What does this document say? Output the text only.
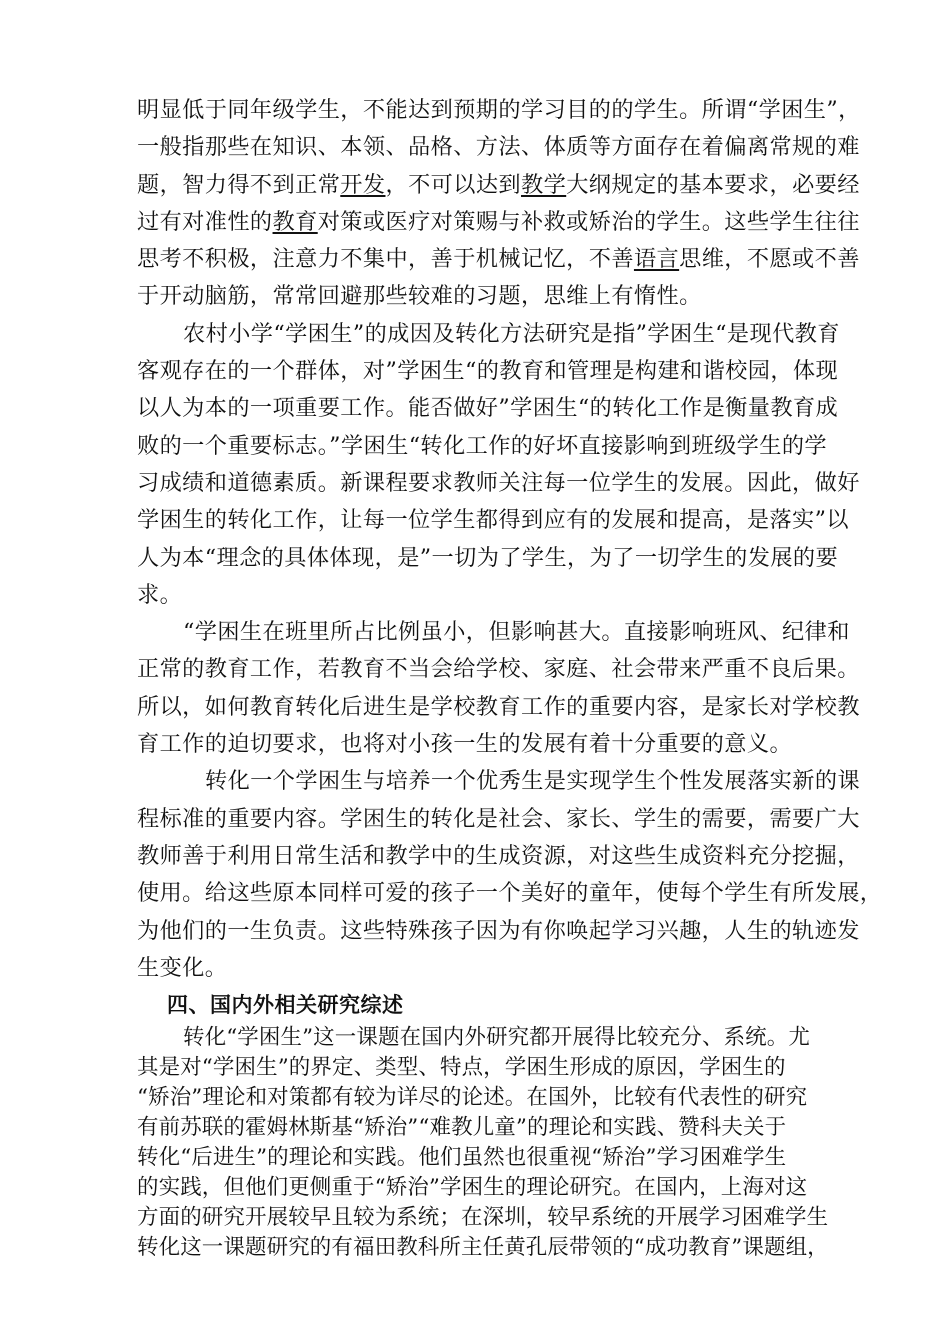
明显低于同年级学生，不能达到预期的学习目的的学生。所谓“学困生”，
一般指那些在知识、本领、品格、方法、体质等方面存在着偏离常规的难
题，智力得不到正常开发，不可以达到教学大纲规定的基本要求，必要经
过有对准性的教育对策或医疗对策赐与补救或矫治的学生。这些学生往往
思考不积极，注意力不集中，善于机械记忆，不善语言思维，不愿或不善
于开动脑筋，常常回避那些较难的习题，思维上有惰性。
农村小学“学困生”的成因及转化方法研究是指”学困生“是现代教育
客观存在的一个群体，对”学困生“的教育和管理是构建和谐校园，体现
以人为本的一项重要工作。能否做好”学困生“的转化工作是衡量教育成
败的一个重要标志。”学困生“转化工作的好坏直接影响到班级学生的学
习成绩和道德素质。新课程要求教师关注每一位学生的发展。因此，做好
学困生的转化工作，让每一位学生都得到应有的发展和提高，是落实”以
人为本“理念的具体体现，是”一切为了学生，为了一切学生的发展的要
求。
“学困生在班里所占比例虽小，但影响甚大。直接影响班风、纪律和
正常的教育工作，若教育不当会给学校、家庭、社会带来严重不良后果。
所以，如何教育转化后进生是学校教育工作的重要内容，是家长对学校教
育工作的迫切要求，也将对小孩一生的发展有着十分重要的意义。
转化一个学困生与培养一个优秀生是实现学生个性发展落实新的课
程标准的重要内容。学困生的转化是社会、家长、学生的需要，需要广大
教师善于利用日常生活和教学中的生成资源，对这些生成资料充分挖掘，
使用。给这些原本同样可爱的孩子一个美好的童年，使每个学生有所发展，
为他们的一生负责。这些特殊孩子因为有你唤起学习兴趣，人生的轨迹发
生变化。
四、国内外相关研究综述
转化“学困生”这一课题在国内外研究都开展得比较充分、系统。尤
其是对“学困生”的界定、类型、特点，学困生形成的原因，学困生的
“矫治”理论和对策都有较为详尽的论述。在国外，比较有代表性的研究
有前苏联的霍姆林斯基“矫治”“难教儿童”的理论和实践、赞科夫关于
转化“后进生”的理论和实践。他们虽然也很重视“矫治”学习困难学生
的实践，但他们更侧重于“矫治”学困生的理论研究。在国内，上海对这
方面的研究开展较早且较为系统；在深圳，较早系统的开展学习困难学生
转化这一课题研究的有福田教科所主任黄孔辰带领的“成功教育”课题组，
